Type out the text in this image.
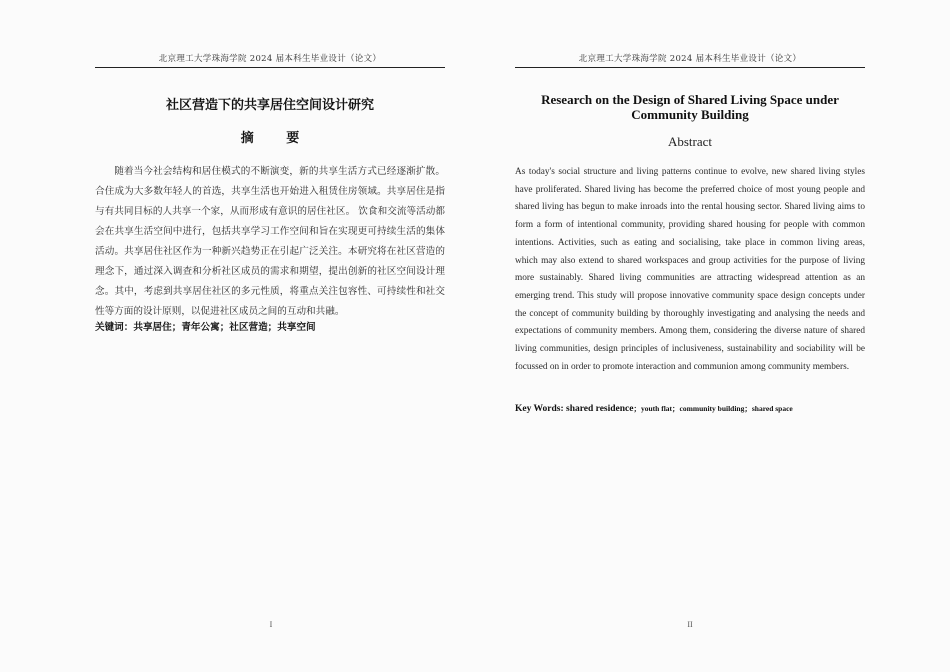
北京理工大学珠海学院 2024 届本科生毕业设计（论文）
社区营造下的共享居住空间设计研究
摘 要

随着当今社会结构和居住模式的不断演变，新的共享生活方式已经逐渐扩散。合住成为大多数年轻人的首选，共享生活也开始进入租赁住房领域。共享居住是指与有共同目标的人共享一个家，从而形成有意识的居住社区。 饮食和交流等活动都会在共享生活空间中进行，包括共享学习工作空间和旨在实现更可持续生活的集体活动。共享居住社区作为一种新兴趋势正在引起广泛关注。本研究将在社区营造的理念下，通过深入调查和分析社区成员的需求和期望，提出创新的社区空间设计理念。其中，考虑到共享居住社区的多元性质，将重点关注包容性、可持续性和社交性等方面的设计原则，以促进社区成员之间的互动和共融。

关键词：共享居住；青年公寓；社区营造；共享空间
I
北京理工大学珠海学院 2024 届本科生毕业设计（论文）
Research on the Design of Shared Living Space under
Community Building
Abstract

As today's social structure and living patterns continue to evolve, new shared living styles have proliferated. Shared living has become the preferred choice of most young people and shared living has begun to make inroads into the rental housing sector. Shared living aims to form a form of intentional community, providing shared housing for people with common intentions. Activities, such as eating and socialising, take place in common living areas, which may also extend to shared workspaces and group activities for the purpose of living more sustainably. Shared living communities are attracting widespread attention as an emerging trend. This study will propose innovative community space design concepts under the concept of community building by thoroughly investigating and analysing the needs and expectations of community members. Among them, considering the diverse nature of shared living communities, design principles of inclusiveness, sustainability and sociability will be focussed on in order to promote interaction and communion among community members.

Key Words: shared residence；youth flat；community building；shared space
II
